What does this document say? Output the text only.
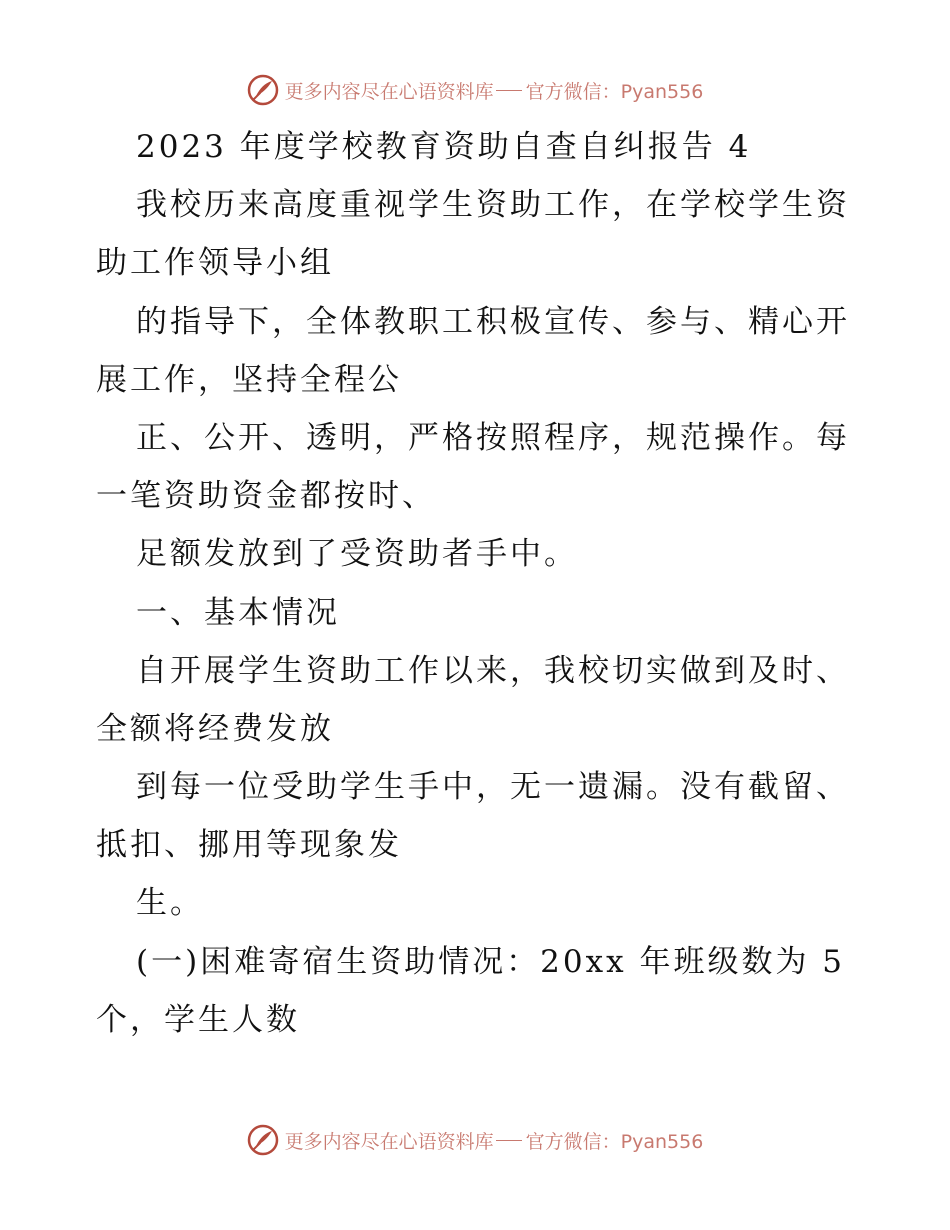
更多内容尽在心语资料库 官方微信：Pyan556
2023 年度学校教育资助自查自纠报告 4
我校历来高度重视学生资助工作，在学校学生资
助工作领导小组
的指导下，全体教职工积极宣传、参与、精心开
展工作，坚持全程公
正、公开、透明，严格按照程序，规范操作。每
一笔资助资金都按时、
足额发放到了受资助者手中。
一、基本情况
自开展学生资助工作以来，我校切实做到及时、
全额将经费发放
到每一位受助学生手中，无一遗漏。没有截留、
抵扣、挪用等现象发
生。
(一)困难寄宿生资助情况：20xx 年班级数为 5
个，学生人数
更多内容尽在心语资料库 官方微信：Pyan556
